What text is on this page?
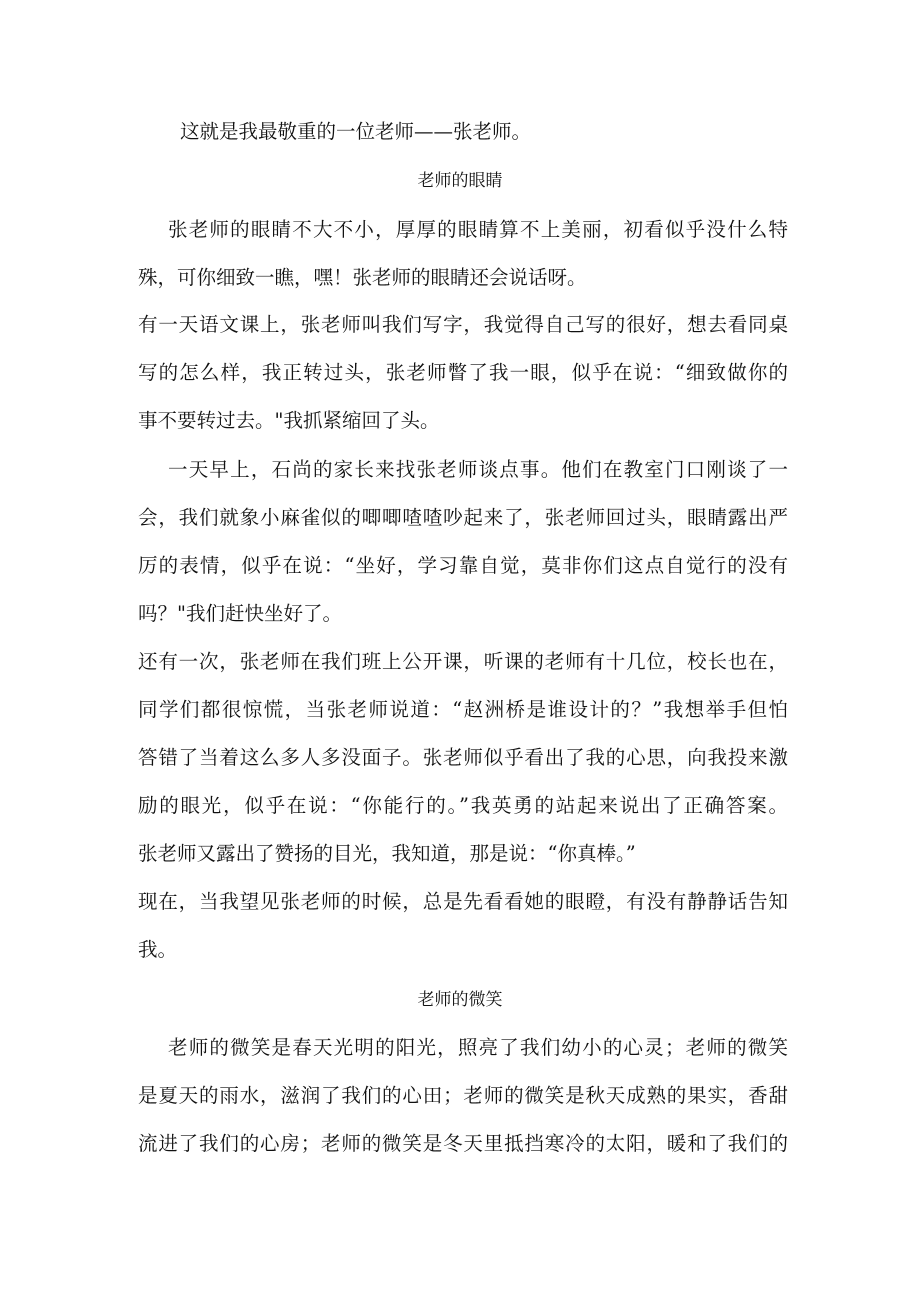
这就是我最敬重的一位老师——张老师。
老师的眼睛
张老师的眼睛不大不小，厚厚的眼睛算不上美丽，初看似乎没什么特
殊，可你细致一瞧，嘿！张老师的眼睛还会说话呀。
有一天语文课上，张老师叫我们写字，我觉得自己写的很好，想去看同桌
写的怎么样，我正转过头，张老师瞥了我一眼，似乎在说：“细致做你的
事不要转过去。"我抓紧缩回了头。
一天早上，石尚的家长来找张老师谈点事。他们在教室门口刚谈了一
会，我们就象小麻雀似的唧唧喳喳吵起来了，张老师回过头，眼睛露出严
厉的表情，似乎在说：“坐好，学习靠自觉，莫非你们这点自觉行的没有
吗？"我们赶快坐好了。
还有一次，张老师在我们班上公开课，听课的老师有十几位，校长也在，
同学们都很惊慌，当张老师说道：“赵洲桥是谁设计的？”我想举手但怕
答错了当着这么多人多没面子。张老师似乎看出了我的心思，向我投来激
励的眼光，似乎在说：“你能行的。”我英勇的站起来说出了正确答案。
张老师又露出了赞扬的目光，我知道，那是说：“你真棒。”
现在，当我望见张老师的时候，总是先看看她的眼瞪，有没有静静话告知
我。
老师的微笑
老师的微笑是春天光明的阳光，照亮了我们幼小的心灵；老师的微笑
是夏天的雨水，滋润了我们的心田；老师的微笑是秋天成熟的果实，香甜
流进了我们的心房；老师的微笑是冬天里抵挡寒冷的太阳，暖和了我们的
